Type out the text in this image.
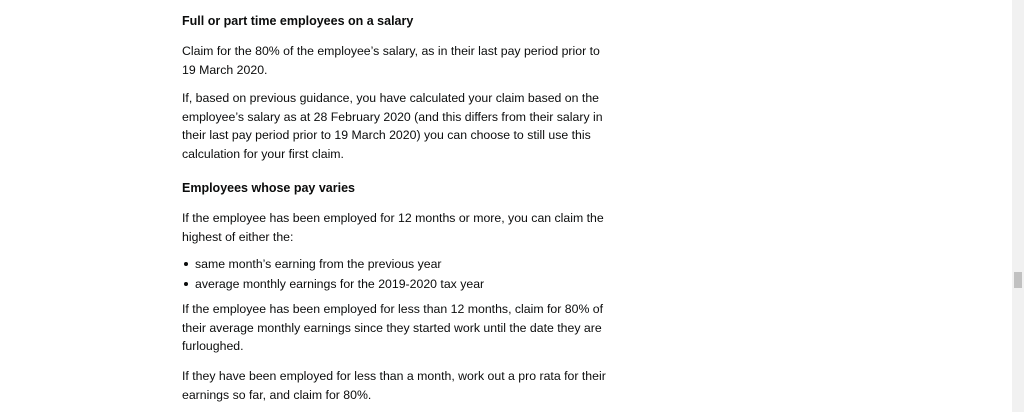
Full or part time employees on a salary

Claim for the 80% of the employee’s salary, as in their last pay period prior to 19 March 2020.

If, based on previous guidance, you have calculated your claim based on the employee’s salary as at 28 February 2020 (and this differs from their salary in their last pay period prior to 19 March 2020) you can choose to still use this calculation for your first claim.

Employees whose pay varies

If the employee has been employed for 12 months or more, you can claim the highest of either the:

same month’s earning from the previous year
average monthly earnings for the 2019-2020 tax year

If the employee has been employed for less than 12 months, claim for 80% of their average monthly earnings since they started work until the date they are furloughed.

If they have been employed for less than a month, work out a pro rata for their earnings so far, and claim for 80%.
